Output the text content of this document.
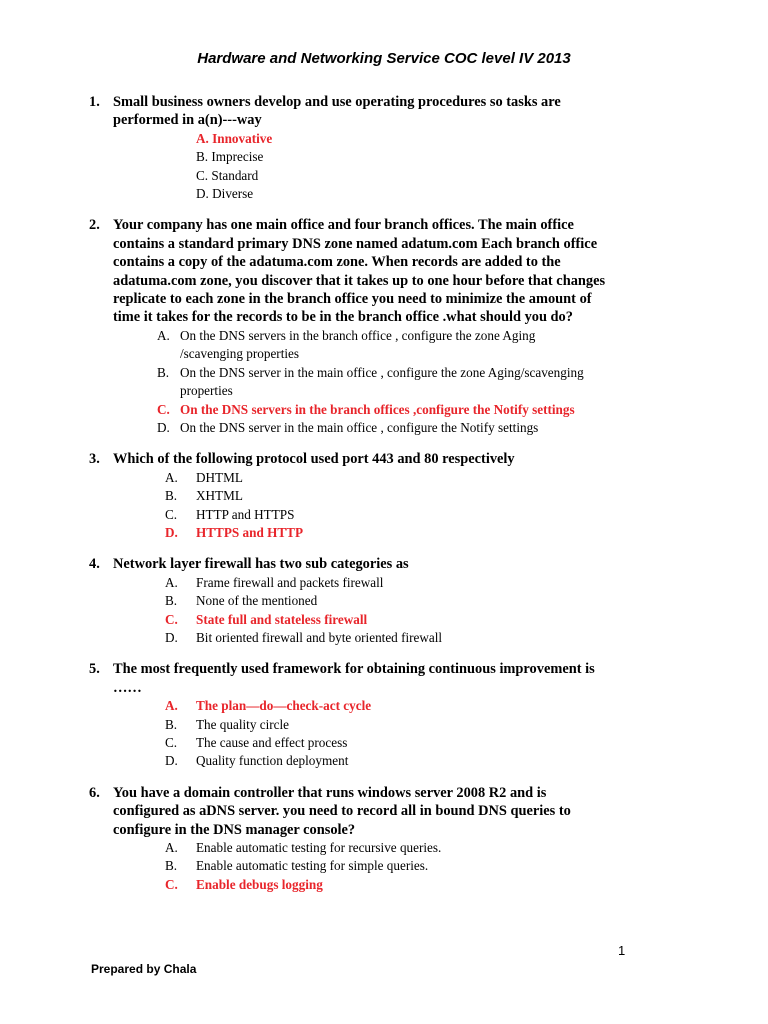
Hardware and Networking Service COC level IV 2013
1. Small business owners develop and use operating procedures so tasks are
performed in a(n)---way
A. Innovative
B. Imprecise
C. Standard
D. Diverse
2. Your company has one main office and four branch offices. The main office
contains a standard primary DNS zone named adatum.com Each branch office
contains a copy of the adatuma.com zone. When records are added to the
adatuma.com zone, you discover that it takes up to one hour before that changes
replicate to each zone in the branch office you need to minimize the amount of
time it takes for the records to be in the branch office .what should you do?
A. On the DNS servers in the branch office , configure the zone Aging
/scavenging properties
B. On the DNS server in the main office , configure the zone Aging/scavenging
properties
C. On the DNS servers in the branch offices ,configure the Notify settings
D. On the DNS server in the main office , configure the Notify settings
3. Which of the following protocol used port 443 and 80 respectively
A. DHTML
B. XHTML
C. HTTP and HTTPS
D. HTTPS and HTTP
4. Network layer firewall has two sub categories as
A. Frame firewall and packets firewall
B. None of the mentioned
C. State full and stateless firewall
D. Bit oriented firewall and byte oriented firewall
5. The most frequently used framework for obtaining continuous improvement is
……
A. The plan—do—check-act cycle
B. The quality circle
C. The cause and effect process
D. Quality function deployment
6. You have a domain controller that runs windows server 2008 R2 and is
configured as aDNS server. you need to record all in bound DNS queries to
configure in the DNS manager console?
A. Enable automatic testing for recursive queries.
B. Enable automatic testing for simple queries.
C. Enable debugs logging
1
Prepared by Chala
